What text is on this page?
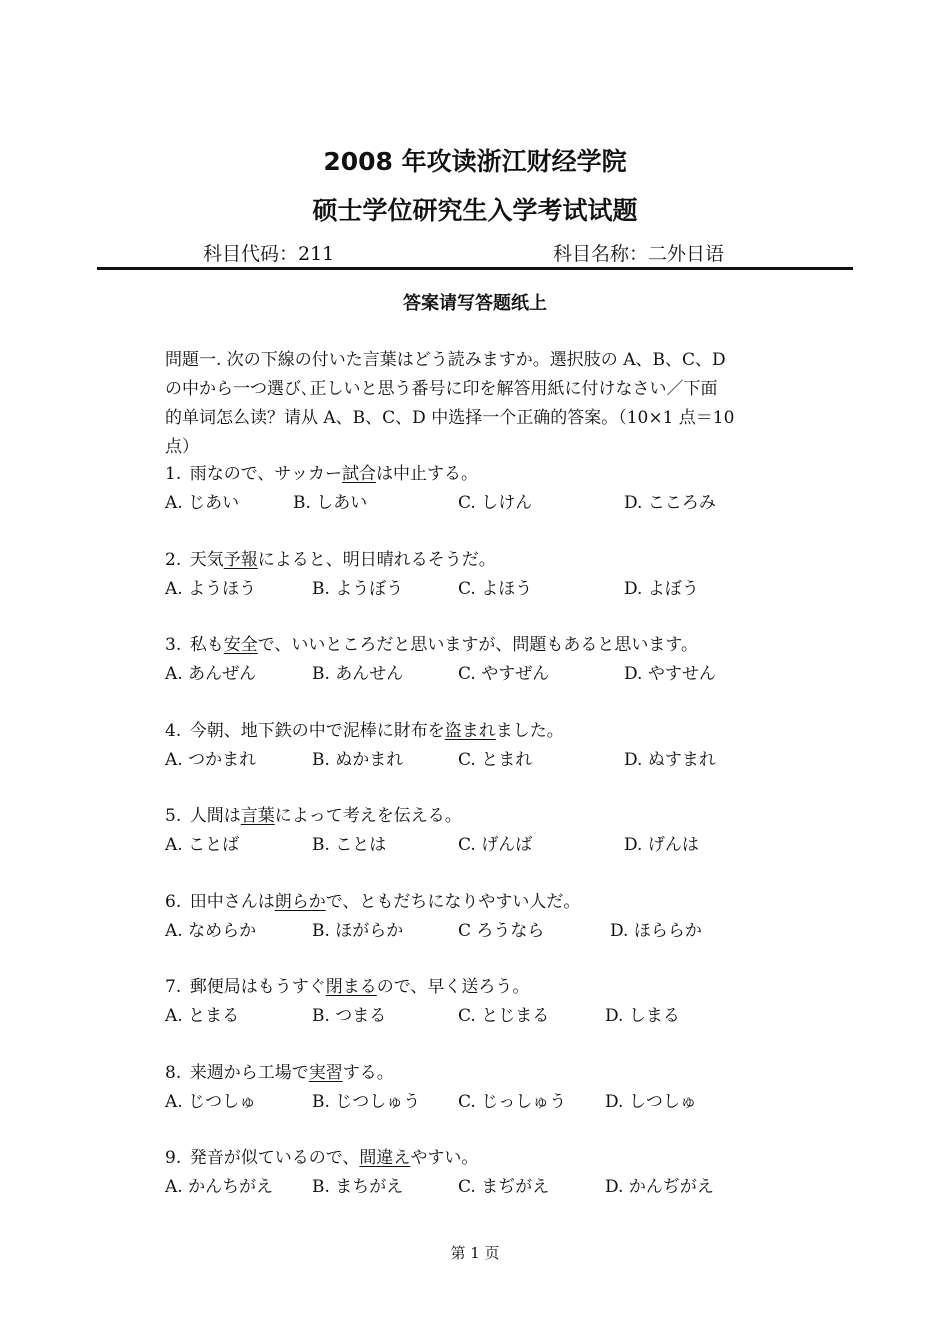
2008 年攻读浙江财经学院
硕士学位研究生入学考试试题
科目代码：211	科目名称：二外日语
答案请写答题纸上
問題一. 次の下線の付いた言葉はどう読みますか。選択肢の A、B、C、D
の中から一つ選び､正しいと思う番号に印を解答用紙に付けなさい／下面
的单词怎么读？请从 A、B、C、D 中选择一个正确的答案。（10×1 点＝10
点）
1.  雨なので、サッカー試合は中止する。
A. じあい	B. しあい	C. しけん	D. こころみ
2.  天気予報によると、明日晴れるそうだ。
A. ようほう	B. ようぼう	C. よほう	D. よぼう
3.  私も安全で、いいところだと思いますが、問題もあると思います。
A. あんぜん	B. あんせん	C. やすぜん	D. やすせん
4.  今朝、地下鉄の中で泥棒に財布を盗まれました。
A. つかまれ	B. ぬかまれ	C. とまれ	D. ぬすまれ
5.  人間は言葉によって考えを伝える。
A. ことば	B. ことは	C. げんば	D. げんは
6.  田中さんは朗らかで、ともだちになりやすい人だ。
A. なめらか	B. ほがらか	C ろうなら	D. ほららか
7.  郵便局はもうすぐ閉まるので、早く送ろう。
A. とまる	B. つまる	C. とじまる	D. しまる
8.  来週から工場で実習する。
A. じつしゅ	B. じつしゅう C. じっしゅう D. しつしゅ
9.  発音が似ているので、間違えやすい。
A. かんちがえ B. まちがえ	C. まぢがえ	D. かんぢがえ
第 1 页
